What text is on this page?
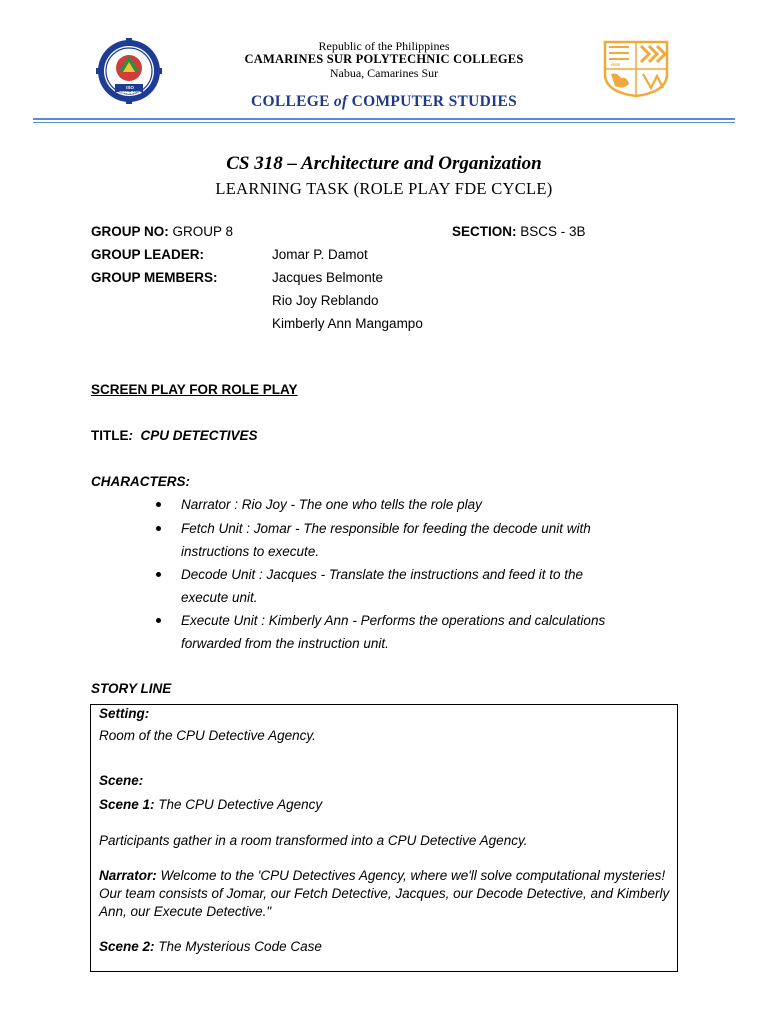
ISO 9001:2015
RISE
Republic of the Philippines
CAMARINES SUR POLYTECHNIC COLLEGES
Nabua, Camarines Sur
COLLEGE of COMPUTER STUDIES
CS 318 – Architecture and Organization
LEARNING TASK (ROLE PLAY FDE CYCLE)
GROUP NO: GROUP 8	SECTION: BSCS - 3B
GROUP LEADER:	Jomar P. Damot
GROUP MEMBERS:	Jacques Belmonte
Rio Joy Reblando
Kimberly Ann Mangampo
SCREEN PLAY FOR ROLE PLAY
TITLE: CPU DETECTIVES
CHARACTERS:
Narrator : Rio Joy - The one who tells the role play
Fetch Unit : Jomar - The responsible for feeding the decode unit with
instructions to execute.
Decode Unit : Jacques - Translate the instructions and feed it to the
execute unit.
Execute Unit : Kimberly Ann - Performs the operations and calculations
forwarded from the instruction unit.
STORY LINE
Setting:
Room of the CPU Detective Agency.
Scene:
Scene 1: The CPU Detective Agency
Participants gather in a room transformed into a CPU Detective Agency.
Narrator: Welcome to the 'CPU Detectives Agency, where we'll solve computational mysteries! Our team consists of Jomar, our Fetch Detective, Jacques, our Decode Detective, and Kimberly Ann, our Execute Detective."
Scene 2: The Mysterious Code Case
